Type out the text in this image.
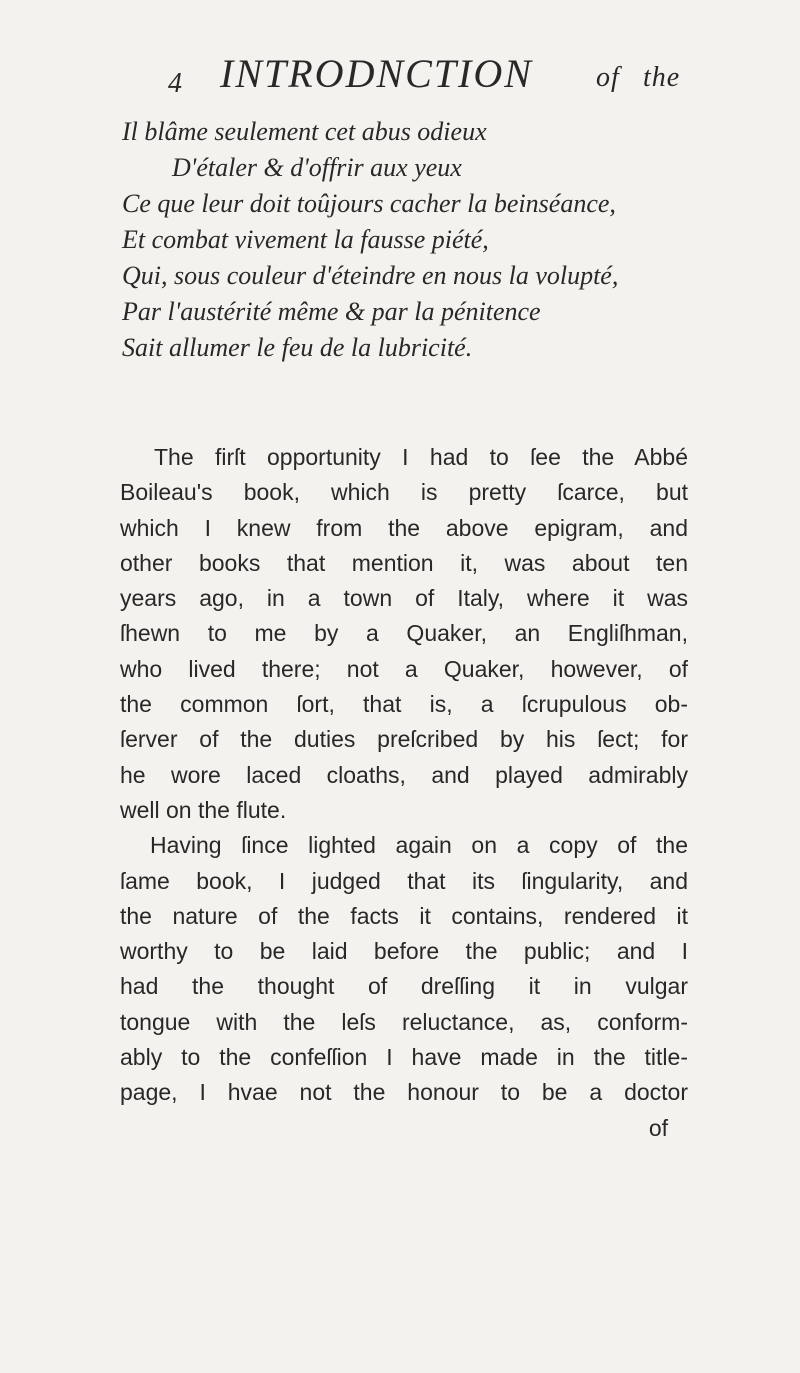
4 INTRODNCTION of the
Il blâme seulement cet abus odieux
D'étaler & d'offrir aux yeux
Ce que leur doit toûjours cacher la beinséance,
Et combat vivement la fausse piété,
Qui, sous couleur d'éteindre en nous la volupté,
Par l'austérité même & par la pénitence
Sait allumer le feu de la lubricité.
The firſt opportunity I had to ſee the Abbé
Boileau's book, which is pretty ſcarce, but
which I knew from the above epigram, and
other books that mention it, was about ten
years ago, in a town of Italy, where it was
ſhewn to me by a Quaker, an Engliſhman,
who lived there; not a Quaker, however, of
the common ſort, that is, a ſcrupulous ob-
ſerver of the duties preſcribed by his ſect; for
he wore laced cloaths, and played admirably
well on the flute.
Having ſince lighted again on a copy of the
ſame book, I judged that its ſingularity, and
the nature of the facts it contains, rendered it
worthy to be laid before the public; and I
had the thought of dreſſing it in vulgar
tongue with the leſs reluctance, as, conform-
ably to the confeſſion I have made in the title-
page, I hvae not the honour to be a doctor
of
